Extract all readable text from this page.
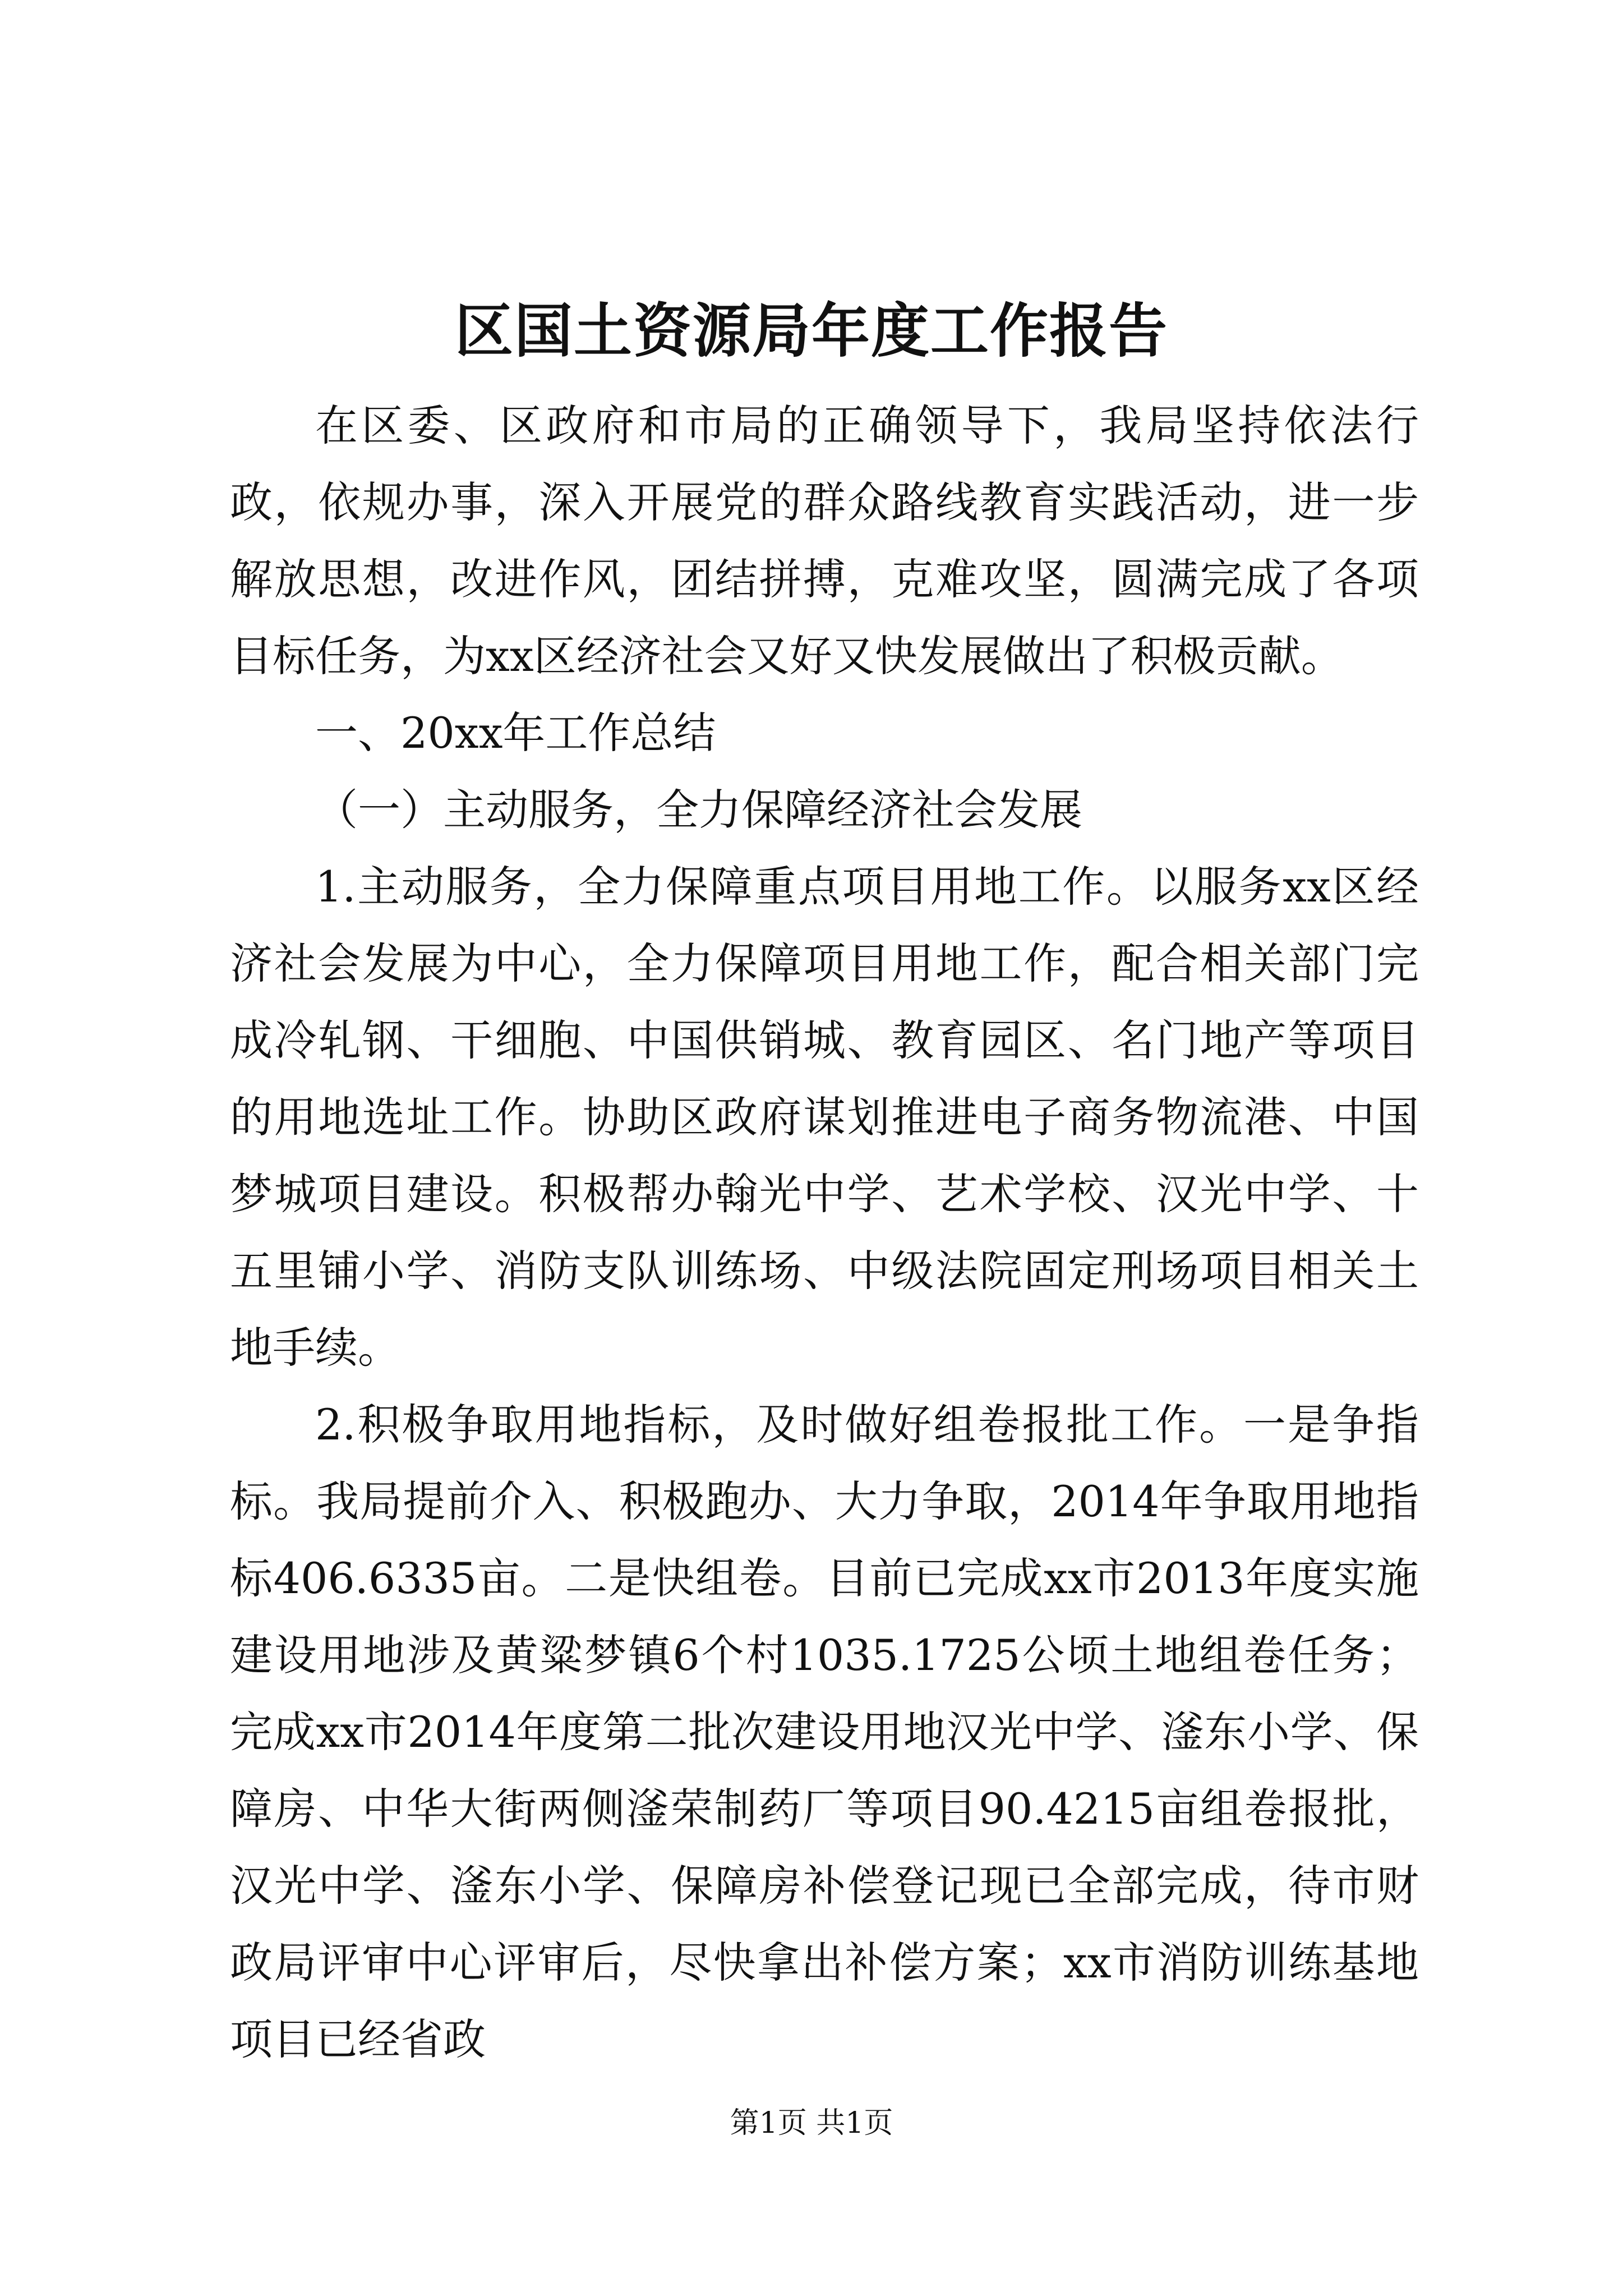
区国土资源局年度工作报告

在区委、区政府和市局的正确领导下，我局坚持依法行政，依规办事，深入开展党的群众路线教育实践活动，进一步解放思想，改进作风，团结拼搏，克难攻坚，圆满完成了各项目标任务，为xx区经济社会又好又快发展做出了积极贡献。

一、20xx年工作总结

（一）主动服务，全力保障经济社会发展

1.主动服务，全力保障重点项目用地工作。以服务xx区经济社会发展为中心，全力保障项目用地工作，配合相关部门完成冷轧钢、干细胞、中国供销城、教育园区、名门地产等项目的用地选址工作。协助区政府谋划推进电子商务物流港、中国梦城项目建设。积极帮办翰光中学、艺术学校、汉光中学、十五里铺小学、消防支队训练场、中级法院固定刑场项目相关土地手续。

2.积极争取用地指标，及时做好组卷报批工作。一是争指标。我局提前介入、积极跑办、大力争取，2014年争取用地指标406.6335亩。二是快组卷。目前已完成xx市2013年度实施建设用地涉及黄粱梦镇6个村1035.1725公顷土地组卷任务；完成xx市2014年度第二批次建设用地汉光中学、滏东小学、保障房、中华大街两侧滏荣制药厂等项目90.4215亩组卷报批，汉光中学、滏东小学、保障房补偿登记现已全部完成，待市财政局评审中心评审后，尽快拿出补偿方案；xx市消防训练基地项目已经省政

第1页 共1页
